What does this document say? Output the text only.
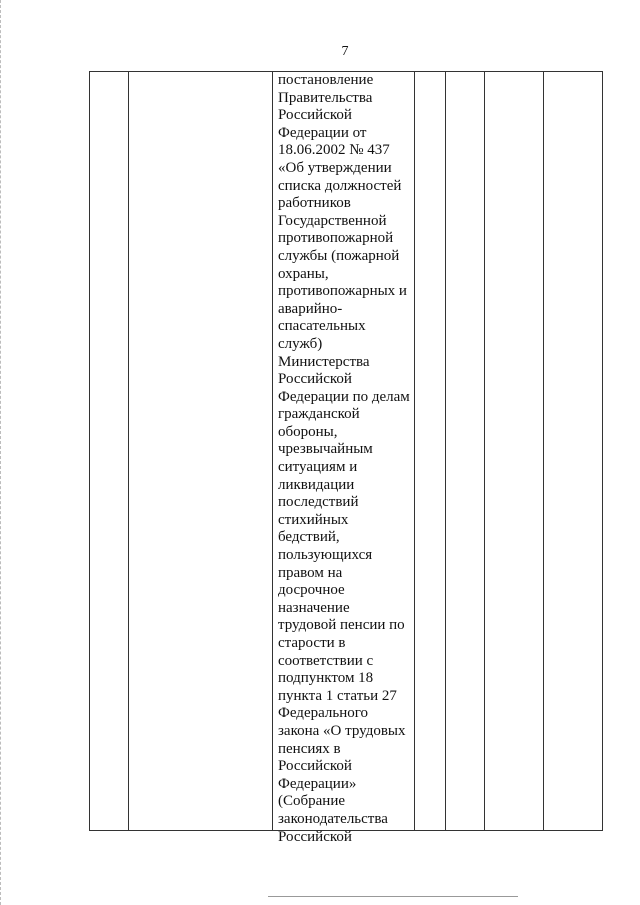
7
постановление
Правительства
Российской
Федерации от
18.06.2002 № 437
«Об утверждении
списка должностей
работников
Государственной
противопожарной
службы (пожарной
охраны,
противопожарных и
аварийно-
спасательных
служб)
Министерства
Российской
Федерации по делам
гражданской
обороны,
чрезвычайным
ситуациям и
ликвидации
последствий
стихийных
бедствий,
пользующихся
правом на
досрочное
назначение
трудовой пенсии по
старости в
соответствии с
подпунктом 18
пункта 1 статьи 27
Федерального
закона «О трудовых
пенсиях в
Российской
Федерации»
(Собрание
законодательства
Российской
